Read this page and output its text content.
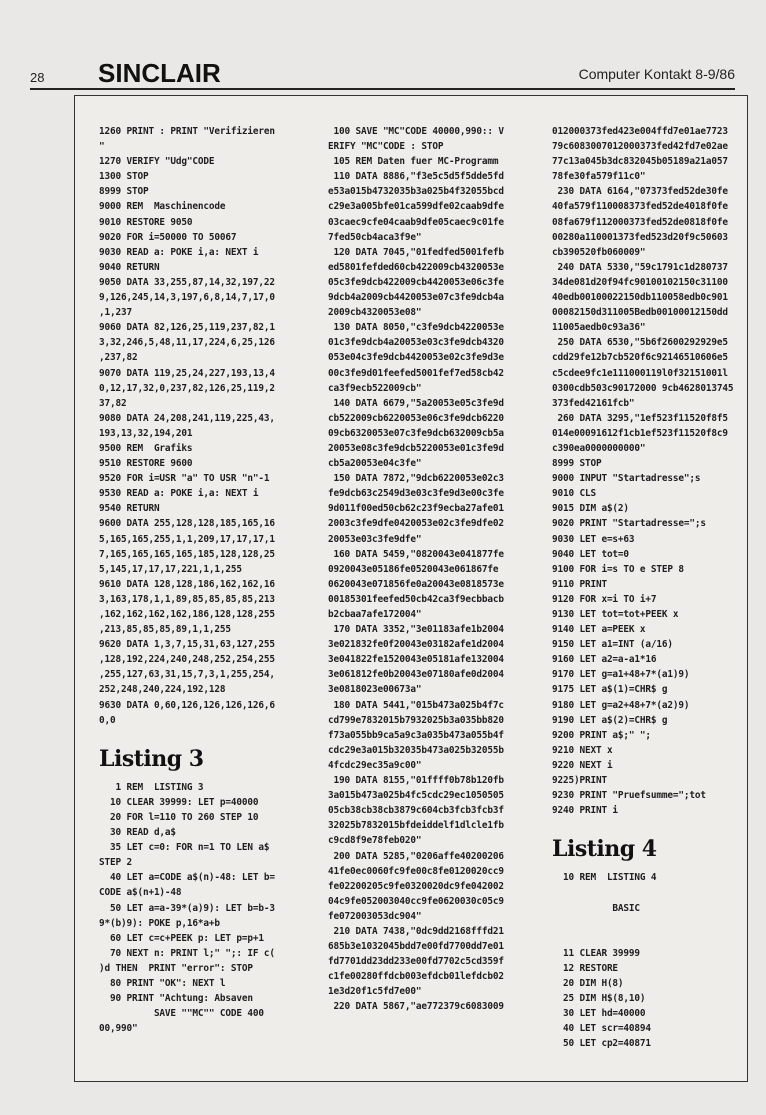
28 SINCLAIR	Computer Kontakt 8-9/86
1260 PRINT : PRINT "Verifizieren
"
1270 VERIFY "Udg"CODE
1300 STOP
8999 STOP
9000 REM  Maschinencode
9010 RESTORE 9050
9020 FOR i=50000 TO 50067
9030 READ a: POKE i,a: NEXT i
9040 RETURN
9050 DATA 33,255,87,14,32,197,22
9,126,245,14,3,197,6,8,14,7,17,0
,1,237
9060 DATA 82,126,25,119,237,82,1
3,32,246,5,48,11,17,224,6,25,126
,237,82
9070 DATA 119,25,24,227,193,13,4
0,12,17,32,0,237,82,126,25,119,2
37,82
9080 DATA 24,208,241,119,225,43,
193,13,32,194,201
9500 REM  Grafiks
9510 RESTORE 9600
9520 FOR i=USR "a" TO USR "n"-1
9530 READ a: POKE i,a: NEXT i
9540 RETURN
9600 DATA 255,128,128,185,165,16
5,165,165,255,1,1,209,17,17,17,1
7,165,165,165,165,185,128,128,25
5,145,17,17,17,221,1,1,255
9610 DATA 128,128,186,162,162,16
3,163,178,1,1,89,85,85,85,85,213
,162,162,162,162,186,128,128,255
,213,85,85,85,89,1,1,255
9620 DATA 1,3,7,15,31,63,127,255
,128,192,224,240,248,252,254,255
,255,127,63,31,15,7,3,1,255,254,
252,248,240,224,192,128
9630 DATA 0,60,126,126,126,126,6
0,0
Listing 3
1 REM  LISTING 3
10 CLEAR 39999: LET p=40000
20 FOR l=110 TO 260 STEP 10
30 READ d,a$
35 LET c=0: FOR n=1 TO LEN a$
STEP 2
40 LET a=CODE a$(n)-48: LET b=
CODE a$(n+1)-48
50 LET a=a-39*(a)9): LET b=b-3
9*(b)9): POKE p,16*a+b
60 LET c=c+PEEK p: LET p=p+1
70 NEXT n: PRINT l;" ";: IF c(
)d THEN  PRINT "error": STOP
80 PRINT "OK": NEXT l
90 PRINT "Achtung: Absaven
SAVE ""MC"" CODE 400
00,990"
100 SAVE "MC"CODE 40000,990:: V
ERIFY "MC"CODE : STOP
105 REM Daten fuer MC-Programm
110 DATA 8886,"f3e5c5d5f5dde5fd
e53a015b4732035b3a025b4f32055bcd
c29e3a005bfe01ca599dfe02caab9dfe
03caec9cfe04caab9dfe05caec9c01fe
7fed50cb4aca3f9e"
120 DATA 7045,"01fedfed5001fefb
ed5801fefded60cb422009cb4320053e
05c3fe9dcb422009cb4420053e06c3fe
9dcb4a2009cb4420053e07c3fe9dcb4a
2009cb4320053e08"
130 DATA 8050,"c3fe9dcb4220053e
01c3fe9dcb4a20053e03c3fe9dcb4320
053e04c3fe9dcb4420053e02c3fe9d3e
00c3fe9d01feefed5001fef7ed58cb42
ca3f9ecb522009cb"
140 DATA 6679,"5a20053e05c3fe9d
cb522009cb6220053e06c3fe9dcb6220
09cb6320053e07c3fe9dcb632009cb5a
20053e08c3fe9dcb5220053e01c3fe9d
cb5a20053e04c3fe"
150 DATA 7872,"9dcb6220053e02c3
fe9dcb63c2549d3e03c3fe9d3e00c3fe
9d011f00ed50cb62c23f9ecba27afe01
2003c3fe9dfe0420053e02c3fe9dfe02
20053e03c3fe9dfe"
160 DATA 5459,"0820043e041877fe
0920043e05186fe0520043e061867fe
0620043e071856fe0a20043e0818573e
00185301feefed50cb42ca3f9ecbbacb
b2cbaa7afe172004"
170 DATA 3352,"3e01183afe1b2004
3e021832fe0f20043e03182afe1d2004
3e041822fe1520043e05181afe132004
3e061812fe0b20043e07180afe0d2004
3e0818023e00673a"
180 DATA 5441,"015b473a025b4f7c
cd799e7832015b7932025b3a035bb820
f73a055bb9ca5a9c3a035b473a055b4f
cdc29e3a015b32035b473a025b32055b
4fcdc29ec35a9c00"
190 DATA 8155,"01ffff0b78b120fb
3a015b473a025b4fc5cdc29ec1050505
05cb38cb38cb3879c604cb3fcb3fcb3f
32025b7832015bfdeiddelf1dlcle1fb
c9cd8f9e78feb020"
200 DATA 5285,"0206affe40200206
41fe0ec0060fc9fe00c8fe0120020cc9
fe02200205c9fe0320020dc9fe042002
04c9fe052003040cc9fe0620030c05c9
fe072003053dc904"
210 DATA 7438,"0dc9dd2168fffd21
685b3e1032045bdd7e00fd7700dd7e01
fd7701dd23dd233e00fd7702c5cd359f
c1fe00280ffdcb003efdcb01lefdcb02
1e3d20f1c5fd7e00"
220 DATA 5867,"ae772379c6083009
012000373fed423e004ffd7e01ae7723
79c6083007012000373fed42fd7e02ae
77c13a045b3dc832045b05189a21a057
78fe30fa579f11c0"
230 DATA 6164,"07373fed52de30fe
40fa579f110008373fed52de4018f0fe
08fa679f112000373fed52de0818f0fe
00280a110001373fed523d20f9c50603
cb390520fb060009"
240 DATA 5330,"59c1791c1d280737
34de081d20f94fc90100102150c31100
40edb00100022150db110058edb0c901
00082150d311005Bedb00100012150dd
11005aedb0c93a36"
250 DATA 6530,"5b6f2600292929e5
cdd29fe12b7cb520f6c92146510606e5
c5cdee9fc1e111000119l0f32151001l
0300cdb503c90172000 9cb4628013745
373fed42161fcb"
260 DATA 3295,"1ef523f11520f8f5
014e00091612f1cb1ef523f11520f8c9
c390ea0000000000"
8999 STOP
9000 INPUT "Startadresse";s
9010 CLS
9015 DIM a$(2)
9020 PRINT "Startadresse=";s
9030 LET e=s+63
9040 LET tot=0
9100 FOR i=s TO e STEP 8
9110 PRINT
9120 FOR x=i TO i+7
9130 LET tot=tot+PEEK x
9140 LET a=PEEK x
9150 LET a1=INT (a/16)
9160 LET a2=a-a1*16
9170 LET g=a1+48+7*(a1)9)
9175 LET a$(1)=CHR$ g
9180 LET g=a2+48+7*(a2)9)
9190 LET a$(2)=CHR$ g
9200 PRINT a$;" ";
9210 NEXT x
9220 NEXT i
9225)PRINT
9230 PRINT "Pruefsumme=";tot
9240 PRINT i
Listing 4
10 REM  LISTING 4

BASIC

11 CLEAR 39999
12 RESTORE
20 DIM H(8)
25 DIM H$(8,10)
30 LET hd=40000
40 LET scr=40894
50 LET cp2=40871
